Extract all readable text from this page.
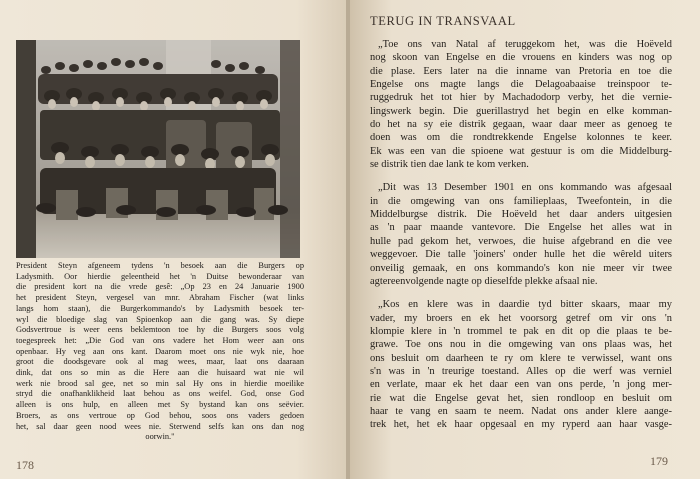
President Steyn afgeneem tydens 'n besoek aan die Burgers op
Ladysmith. Oor hierdie geleentheid het 'n Duitse bewonderaar van
die president kort na die vrede gesê: „Op 23 en 24 Januarie 1900
het president Steyn, vergesel van mnr. Abraham Fischer (wat links
langs hom staan), die Burgerkommando's by Ladysmith besoek ter-
wyl die bloedige slag van Spioenkop aan die gang was. Sy diepe
Godsvertroue is weer eens beklemtoon toe hy die Burgers soos volg
toegespreek het: „Die God van ons vadere het Hom weer aan ons
openbaar. Hy veg aan ons kant. Daarom moet ons nie wyk nie, hoe
groot die doodsgevare ook al mag wees, maar, laat ons daaraan
dink, dat ons so min as die Here aan die huisaard wat nie wil
werk nie brood sal gee, net so min sal Hy ons in hierdie moeilike
stryd die onafhanklikheid laat behou as ons weifel. God, onse God
alleen is ons hulp, en alleen met Sy bystand kan ons seëvier.
Broers, as ons vertroue op God behou, soos ons vaders gedoen
het, sal daar geen nood wees nie. Sterwend selfs kan ons dan nog
oorwin."

178
TERUG IN TRANSVAAL

„Toe ons van Natal af teruggekom het, was die Hoëveld
nog skoon van Engelse en die vrouens en kinders was nog op
die plase. Eers later na die inname van Pretoria en toe die
Engelse ons magte langs die Delagoabaaise treinspoor te-
ruggedruk het tot hier by Machadodorp verby, het die vernie-
lingswerk begin. Die guerillastryd het begin en elke komman-
do het na sy eie distrik gegaan, waar daar meer as genoeg te
doen was om die rondtrekkende Engelse kolonnes te keer.
Ek was een van die spioene wat gestuur is om die Middelburg-
se distrik tien dae lank te kom verken.

„Dit was 13 Desember 1901 en ons kommando was afgesaal
in die omgewing van ons familieplaas, Tweefontein, in die
Middelburgse distrik. Die Hoëveld het daar anders uitgesien
as 'n paar maande vantevore. Die Engelse het alles wat in
hulle pad gekom het, verwoes, die huise afgebrand en die vee
weggevoer. Die talle 'joiners' onder hulle het die wêreld uiters
onveilig gemaak, en ons kommando's kon nie meer vir twee
agtereenvolgende nagte op dieselfde plekke afsaal nie.

„Kos en klere was in daardie tyd bitter skaars, maar my
vader, my broers en ek het voorsorg getref om vir ons 'n
klompie klere in 'n trommel te pak en dit op die plaas te be-
grawe. Toe ons nou in die omgewing van ons plaas was, het
ons besluit om daarheen te ry om klere te verwissel, want ons
s'n was in 'n treurige toestand. Alles op die werf was verniel
en verlate, maar ek het daar een van ons perde, 'n jong mer-
rie wat die Engelse gevat het, sien rondloop en besluit om
haar te vang en saam te neem. Nadat ons ander klere aange-
trek het, het ek haar opgesaal en my ryperd aan haar vasge-

179
